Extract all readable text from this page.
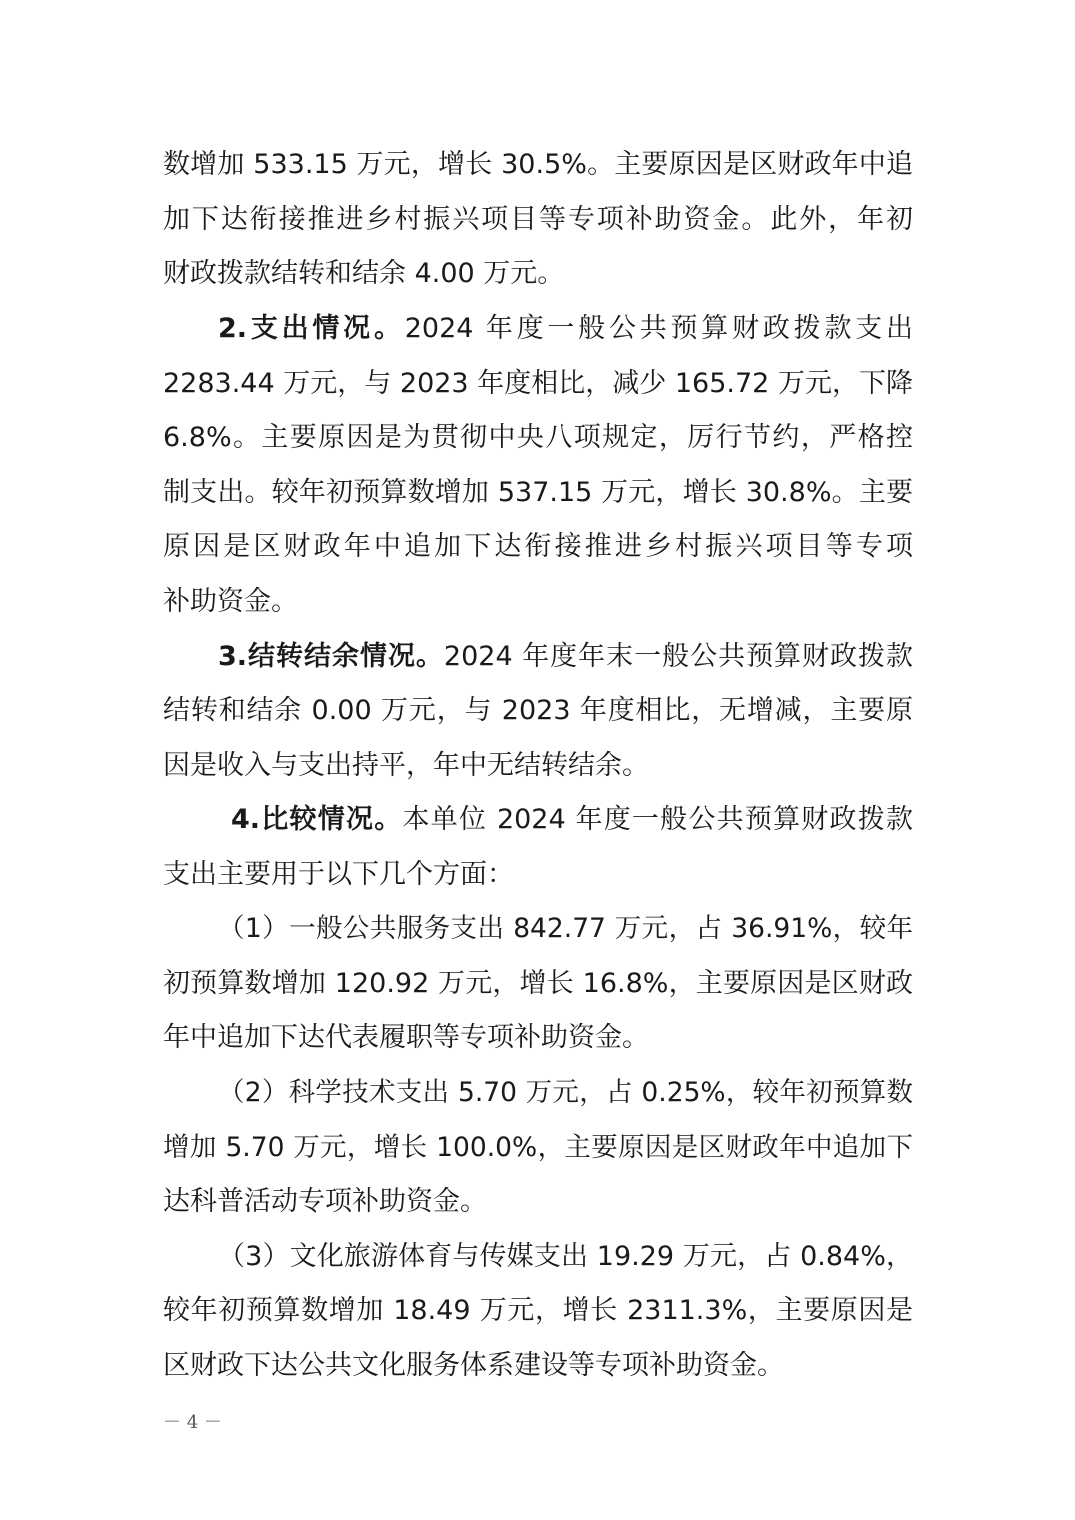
数增加 533.15 万元，增长 30.5%。主要原因是区财政年中追
加下达衔接推进乡村振兴项目等专项补助资金。此外，年初
财政拨款结转和结余 4.00 万元。
2.支出情况。2024 年度一般公共预算财政拨款支出
2283.44 万元，与 2023 年度相比，减少 165.72 万元，下降
6.8%。主要原因是为贯彻中央八项规定，厉行节约，严格控
制支出。较年初预算数增加 537.15 万元，增长 30.8%。主要
原因是区财政年中追加下达衔接推进乡村振兴项目等专项
补助资金。
3.结转结余情况。2024 年度年末一般公共预算财政拨款
结转和结余 0.00 万元，与 2023 年度相比，无增减，主要原
因是收入与支出持平，年中无结转结余。
4.比较情况。本单位 2024 年度一般公共预算财政拨款
支出主要用于以下几个方面：
（1）一般公共服务支出 842.77 万元，占 36.91%，较年
初预算数增加 120.92 万元，增长 16.8%，主要原因是区财政
年中追加下达代表履职等专项补助资金。
（2）科学技术支出 5.70 万元，占 0.25%，较年初预算数
增加 5.70 万元，增长 100.0%，主要原因是区财政年中追加下
达科普活动专项补助资金。
（3）文化旅游体育与传媒支出 19.29 万元，占 0.84%，
较年初预算数增加 18.49 万元，增长 2311.3%，主要原因是
区财政下达公共文化服务体系建设等专项补助资金。
－ 4 －
